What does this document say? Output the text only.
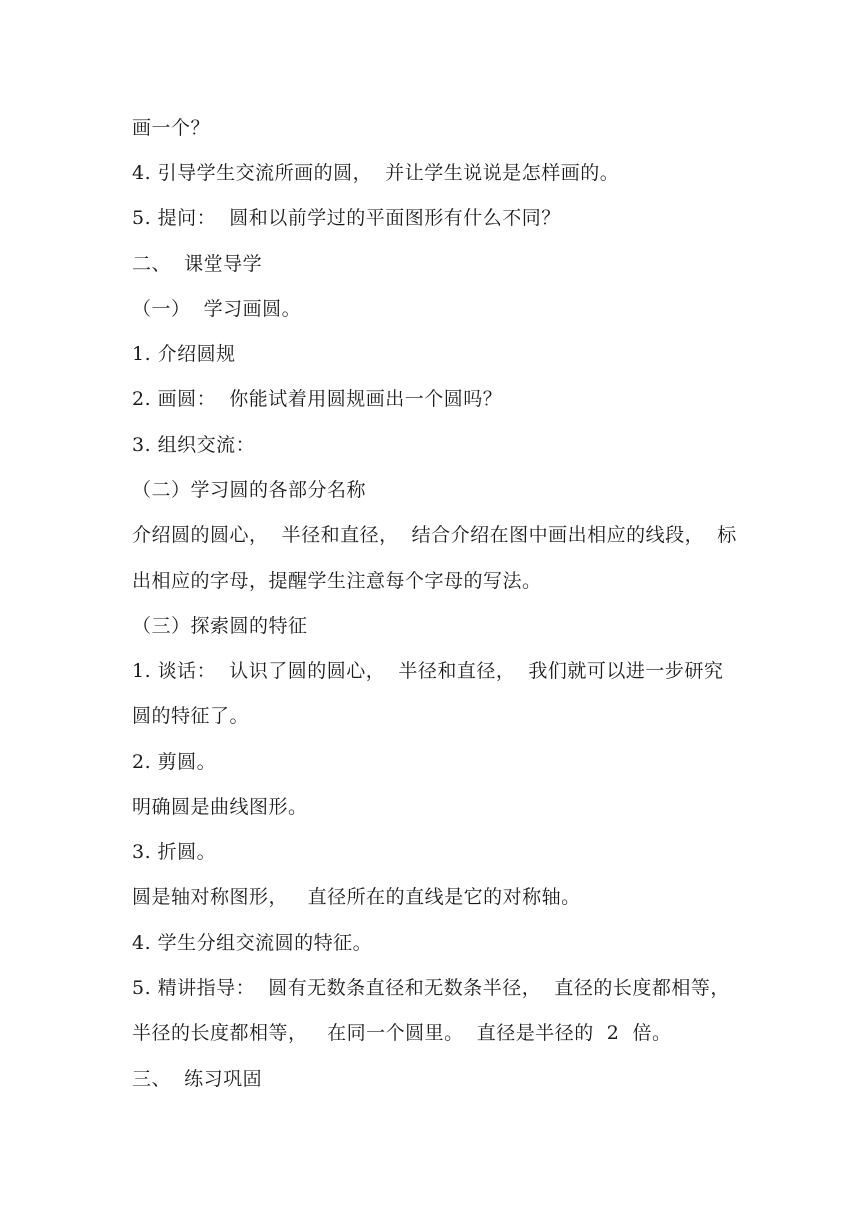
画一个？
4. 引导学生交流所画的圆，  并让学生说说是怎样画的。
5. 提问：  圆和以前学过的平面图形有什么不同？
二、  课堂导学
（一）  学习画圆。
1. 介绍圆规
2. 画圆：  你能试着用圆规画出一个圆吗？
3. 组织交流：
（二）学习圆的各部分名称
介绍圆的圆心，  半径和直径，  结合介绍在图中画出相应的线段，  标
出相应的字母，提醒学生注意每个字母的写法。
（三）探索圆的特征
1. 谈话：  认识了圆的圆心，  半径和直径，  我们就可以进一步研究
圆的特征了。
2. 剪圆。
明确圆是曲线图形。
3. 折圆。
圆是轴对称图形，   直径所在的直线是它的对称轴。
4. 学生分组交流圆的特征。
5. 精讲指导：  圆有无数条直径和无数条半径，  直径的长度都相等，
半径的长度都相等，   在同一个圆里。  直径是半径的  2  倍。
三、  练习巩固
